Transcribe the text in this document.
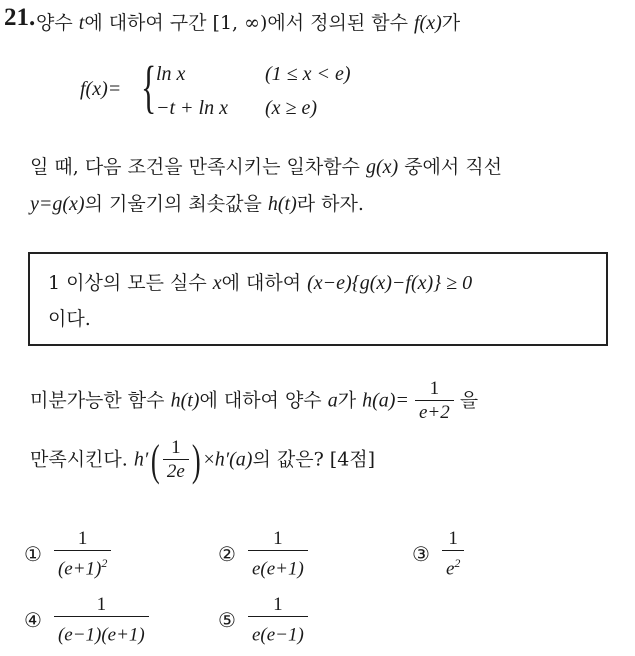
21. 양수 t에 대하여 구간 [1, ∞)에서 정의된 함수 f(x)가
f(x)= { ln x	(1 ≤ x < e)
−t + ln x (x ≥ e)
일 때, 다음 조건을 만족시키는 일차함수 g(x) 중에서 직선
y=g(x)의 기울기의 최솟값을 h(t)라 하자.
1 이상의 모든 실수 x에 대하여 (x−e){g(x)−f(x)} ≥ 0
이다.
미분가능한 함수 h(t)에 대하여 양수 a가 $h(a)= \frac{1}{e+2}$ 을
만족시킨다. $h'( \frac{1}{2e}$ ) ×h′(a)의 값은? [4점]
① $\frac{1}{(e+1)^2}$	② $\frac{1}{e(e+1)}$	③ $\frac{1}{e^2}$
④ $\frac{1}{(e-1)(e+1)}$	⑤ $\frac{1}{e(e-1)}$
